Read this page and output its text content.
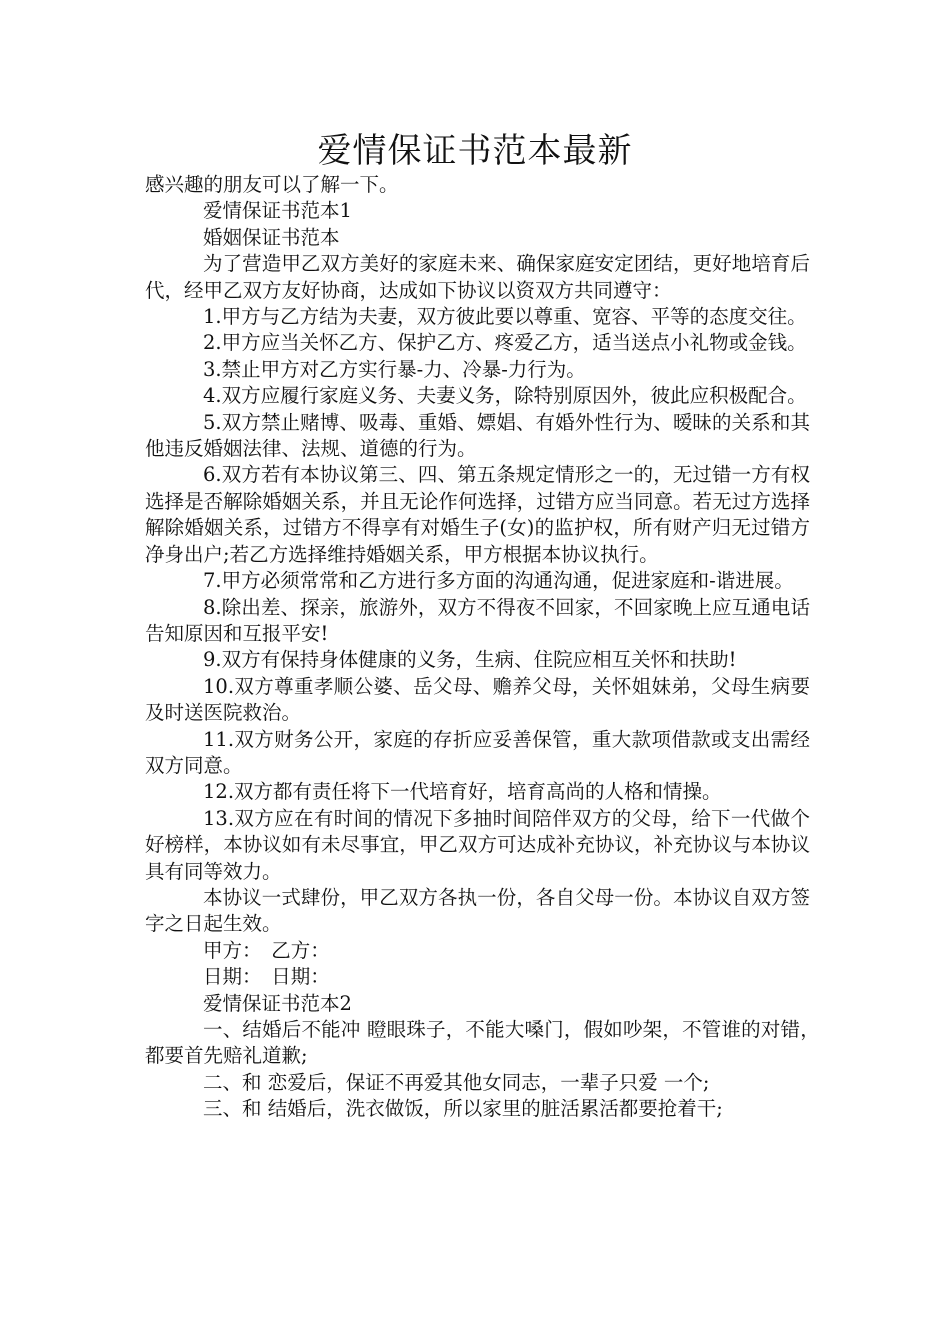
爱情保证书范本最新

感兴趣的朋友可以了解一下。

爱情保证书范本1

婚姻保证书范本

为了营造甲乙双方美好的家庭未来、确保家庭安定团结，更好地培育后代，经甲乙双方友好协商，达成如下协议以资双方共同遵守：

1.甲方与乙方结为夫妻，双方彼此要以尊重、宽容、平等的态度交往。

2.甲方应当关怀乙方、保护乙方、疼爱乙方，适当送点小礼物或金钱。

3.禁止甲方对乙方实行暴-力、冷暴-力行为。

4.双方应履行家庭义务、夫妻义务，除特别原因外，彼此应积极配合。

5.双方禁止赌博、吸毒、重婚、嫖娼、有婚外性行为、暧昧的关系和其他违反婚姻法律、法规、道德的行为。

6.双方若有本协议第三、四、第五条规定情形之一的，无过错一方有权选择是否解除婚姻关系，并且无论作何选择，过错方应当同意。若无过方选择解除婚姻关系，过错方不得享有对婚生子(女)的监护权，所有财产归无过错方净身出户;若乙方选择维持婚姻关系，甲方根据本协议执行。

7.甲方必须常常和乙方进行多方面的沟通沟通，促进家庭和-谐进展。

8.除出差、探亲，旅游外，双方不得夜不回家，不回家晚上应互通电话告知原因和互报平安!

9.双方有保持身体健康的义务，生病、住院应相互关怀和扶助!

10.双方尊重孝顺公婆、岳父母、赡养父母，关怀姐妹弟，父母生病要及时送医院救治。

11.双方财务公开，家庭的存折应妥善保管，重大款项借款或支出需经双方同意。

12.双方都有责任将下一代培育好，培育高尚的人格和情操。

13.双方应在有时间的情况下多抽时间陪伴双方的父母，给下一代做个好榜样，本协议如有未尽事宜，甲乙双方可达成补充协议，补充协议与本协议具有同等效力。

本协议一式肆份，甲乙双方各执一份，各自父母一份。本协议自双方签字之日起生效。

甲方：　乙方：

日期：　日期：

爱情保证书范本2

一、结婚后不能冲 瞪眼珠子，不能大嗓门，假如吵架，不管谁的对错，　都要首先赔礼道歉;

二、和 恋爱后，保证不再爱其他女同志，一辈子只爱 一个;

三、和 结婚后，洗衣做饭，所以家里的脏活累活都要抢着干;
